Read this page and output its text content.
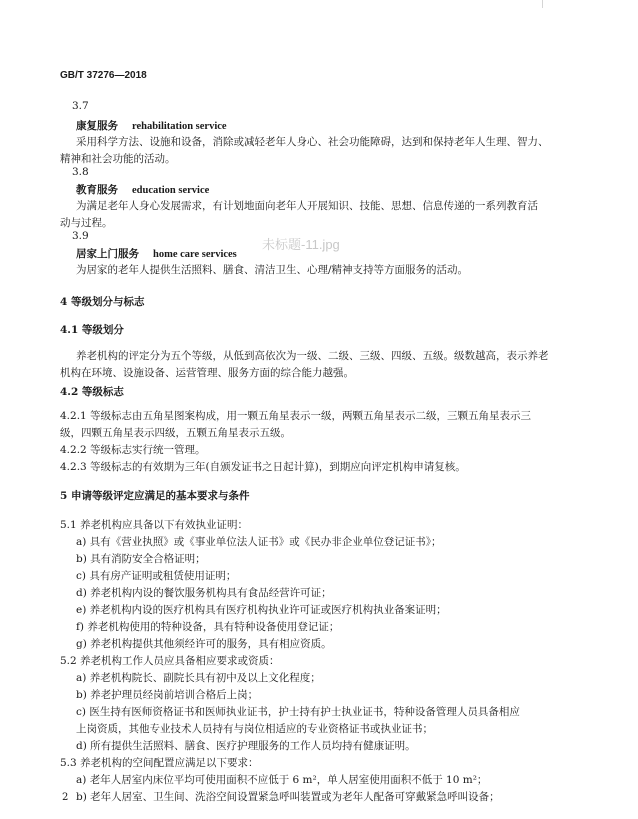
GB/T 37276—2018
3.7
康复服务 rehabilitation service
采用科学方法、设施和设备，消除或减轻老年人身心、社会功能障碍，达到和保持老年人生理、智力、
精神和社会功能的活动。
3.8
教育服务 education service
为满足老年人身心发展需求，有计划地面向老年人开展知识、技能、思想、信息传递的一系列教育活
动与过程。
3.9
居家上门服务 home care services
未标题-11.jpg
为居家的老年人提供生活照料、膳食、清洁卫生、心理/精神支持等方面服务的活动。
4 等级划分与标志
4.1 等级划分
养老机构的评定分为五个等级，从低到高依次为一级、二级、三级、四级、五级。级数越高，表示养老
机构在环境、设施设备、运营管理、服务方面的综合能力越强。
4.2 等级标志
4.2.1 等级标志由五角星图案构成，用一颗五角星表示一级，两颗五角星表示二级，三颗五角星表示三
级，四颗五角星表示四级，五颗五角星表示五级。
4.2.2 等级标志实行统一管理。
4.2.3 等级标志的有效期为三年(自颁发证书之日起计算)，到期应向评定机构申请复核。
5 申请等级评定应满足的基本要求与条件
5.1 养老机构应具备以下有效执业证明：
a) 具有《营业执照》或《事业单位法人证书》或《民办非企业单位登记证书》；
b) 具有消防安全合格证明；
c) 具有房产证明或租赁使用证明；
d) 养老机构内设的餐饮服务机构具有食品经营许可证；
e) 养老机构内设的医疗机构具有医疗机构执业许可证或医疗机构执业备案证明；
f) 养老机构使用的特种设备，具有特种设备使用登记证；
g) 养老机构提供其他须经许可的服务，具有相应资质。
5.2 养老机构工作人员应具备相应要求或资质：
a) 养老机构院长、副院长具有初中及以上文化程度；
b) 养老护理员经岗前培训合格后上岗；
c) 医生持有医师资格证书和医师执业证书，护士持有护士执业证书，特种设备管理人员具备相应
上岗资质，其他专业技术人员持有与岗位相适应的专业资格证书或执业证书；
d) 所有提供生活照料、膳食、医疗护理服务的工作人员均持有健康证明。
5.3 养老机构的空间配置应满足以下要求：
a) 老年人居室内床位平均可使用面积不应低于 6 m²，单人居室使用面积不低于 10 m²；
b) 老年人居室、卫生间、洗浴空间设置紧急呼叫装置或为老年人配备可穿戴紧急呼叫设备；
2
